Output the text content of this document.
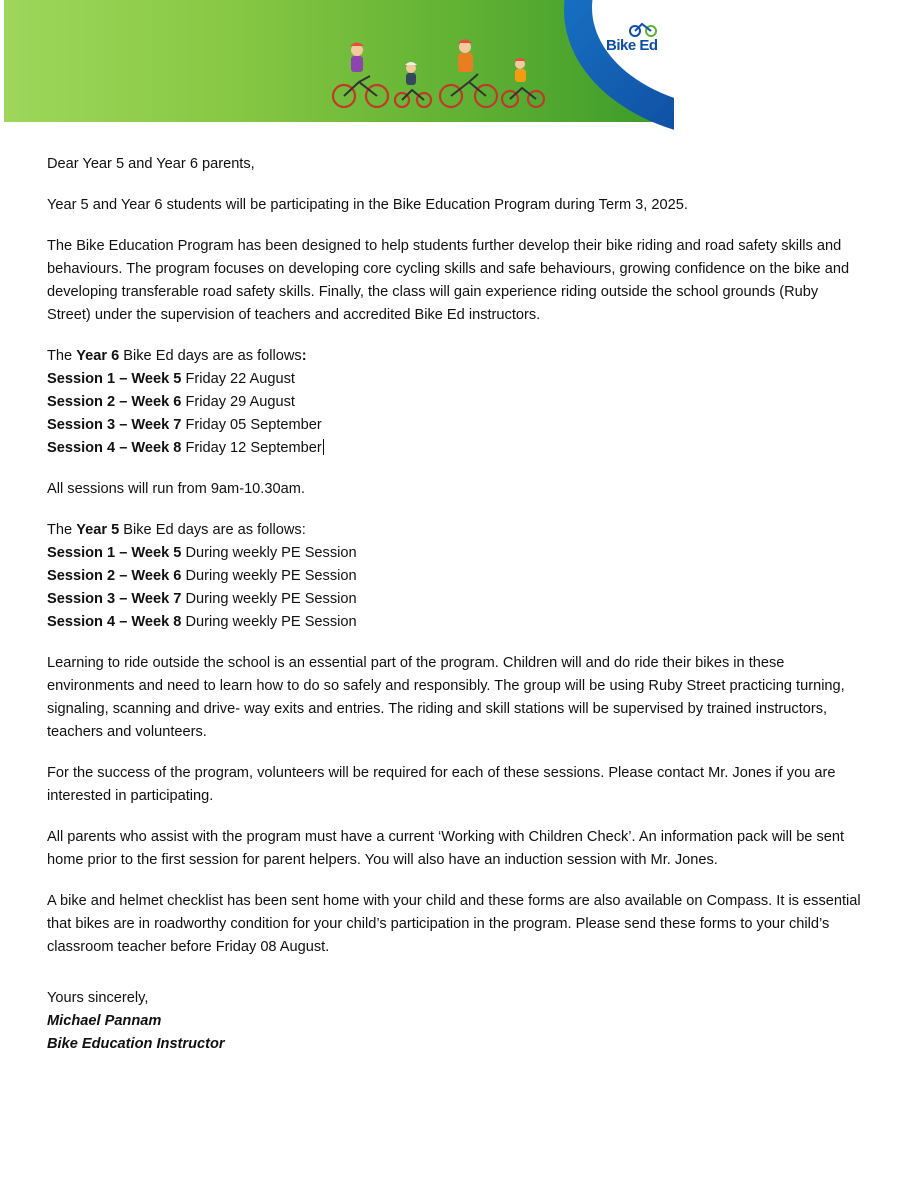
Bike Ed

Dear Year 5 and Year 6 parents,

Year 5 and Year 6 students will be participating in the Bike Education Program during Term 3, 2025.

The Bike Education Program has been designed to help students further develop their bike riding and road safety skills and behaviours. The program focuses on developing core cycling skills and safe behaviours, growing confidence on the bike and developing transferable road safety skills. Finally, the class will gain experience riding outside the school grounds (Ruby Street) under the supervision of teachers and accredited Bike Ed instructors.

The Year 6 Bike Ed days are as follows:
Session 1 – Week 5 Friday 22 August
Session 2 – Week 6 Friday 29 August
Session 3 – Week 7 Friday 05 September
Session 4 – Week 8 Friday 12 September

All sessions will run from 9am-10.30am.

The Year 5 Bike Ed days are as follows:
Session 1 – Week 5 During weekly PE Session
Session 2 – Week 6 During weekly PE Session
Session 3 – Week 7 During weekly PE Session
Session 4 – Week 8 During weekly PE Session

Learning to ride outside the school is an essential part of the program. Children will and do ride their bikes in these environments and need to learn how to do so safely and responsibly. The group will be using Ruby Street practicing turning, signaling, scanning and drive- way exits and entries. The riding and skill stations will be supervised by trained instructors, teachers and volunteers.

For the success of the program, volunteers will be required for each of these sessions. Please contact Mr. Jones if you are interested in participating.

All parents who assist with the program must have a current ‘Working with Children Check’. An information pack will be sent home prior to the first session for parent helpers. You will also have an induction session with Mr. Jones.

A bike and helmet checklist has been sent home with your child and these forms are also available on Compass. It is essential that bikes are in roadworthy condition for your child’s participation in the program. Please send these forms to your child’s classroom teacher before Friday 08 August.

Yours sincerely,
Michael Pannam
Bike Education Instructor
